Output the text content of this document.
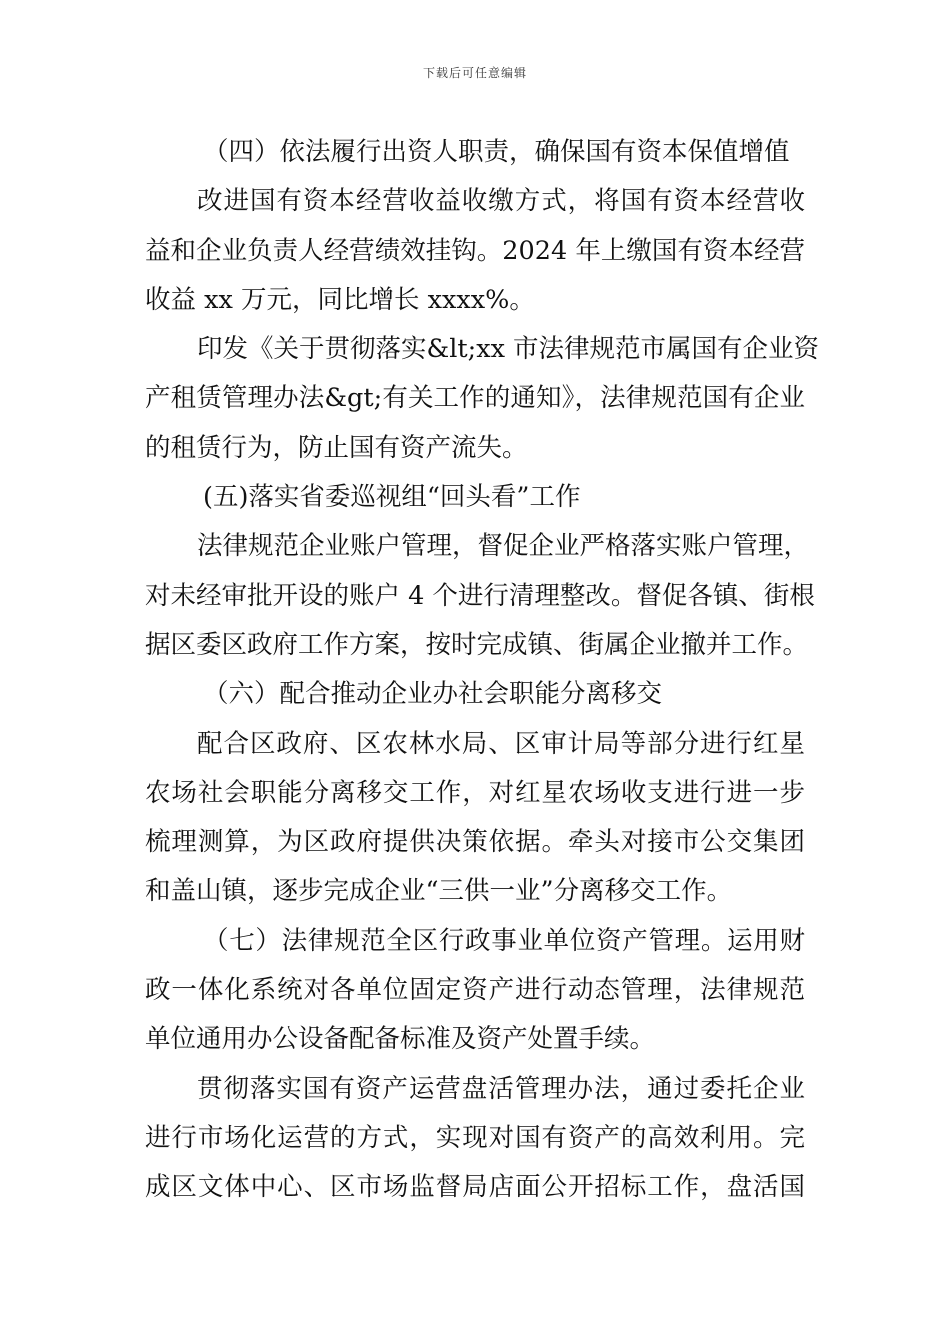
下载后可任意编辑
（四）依法履行出资人职责，确保国有资本保值增值
改进国有资本经营收益收缴方式，将国有资本经营收
益和企业负责人经营绩效挂钩。2024 年上缴国有资本经营
收益 xx 万元，同比增长 xxxx%。
印发《关于贯彻落实&lt;xx 市法律规范市属国有企业资
产租赁管理办法&gt;有关工作的通知》，法律规范国有企业
的租赁行为，防止国有资产流失。
(五)落实省委巡视组“回头看”工作
法律规范企业账户管理，督促企业严格落实账户管理，
对未经审批开设的账户 4 个进行清理整改。督促各镇、街根
据区委区政府工作方案，按时完成镇、街属企业撤并工作。
（六）配合推动企业办社会职能分离移交
配合区政府、区农林水局、区审计局等部分进行红星
农场社会职能分离移交工作，对红星农场收支进行进一步
梳理测算，为区政府提供决策依据。牵头对接市公交集团
和盖山镇，逐步完成企业“三供一业”分离移交工作。
（七）法律规范全区行政事业单位资产管理。运用财
政一体化系统对各单位固定资产进行动态管理，法律规范
单位通用办公设备配备标准及资产处置手续。
贯彻落实国有资产运营盘活管理办法，通过委托企业
进行市场化运营的方式，实现对国有资产的高效利用。完
成区文体中心、区市场监督局店面公开招标工作，盘活国
